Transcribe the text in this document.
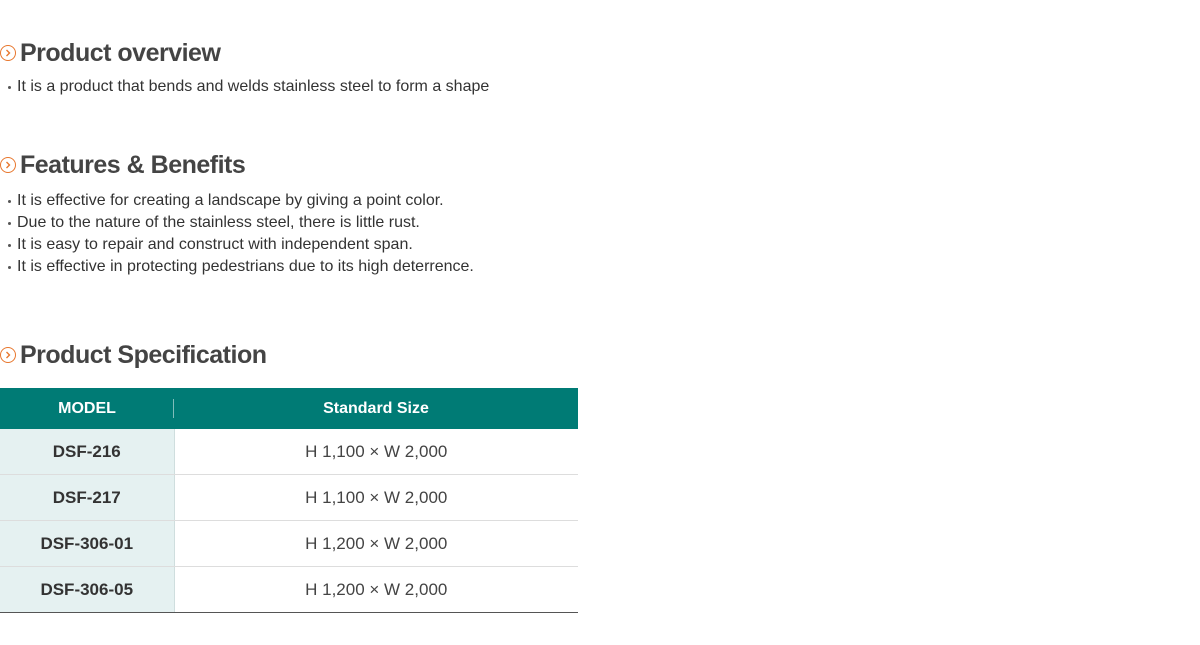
Product overview
It is a product that bends and welds stainless steel to form a shape
Features & Benefits
It is effective for creating a landscape by giving a point color.
Due to the nature of the stainless steel, there is little rust.
It is easy to repair and construct with independent span.
It is effective in protecting pedestrians due to its high deterrence.
Product Specification
MODEL	Standard Size
DSF-216	H 1,100 × W 2,000
DSF-217	H 1,100 × W 2,000
DSF-306-01	H 1,200 × W 2,000
DSF-306-05	H 1,200 × W 2,000
